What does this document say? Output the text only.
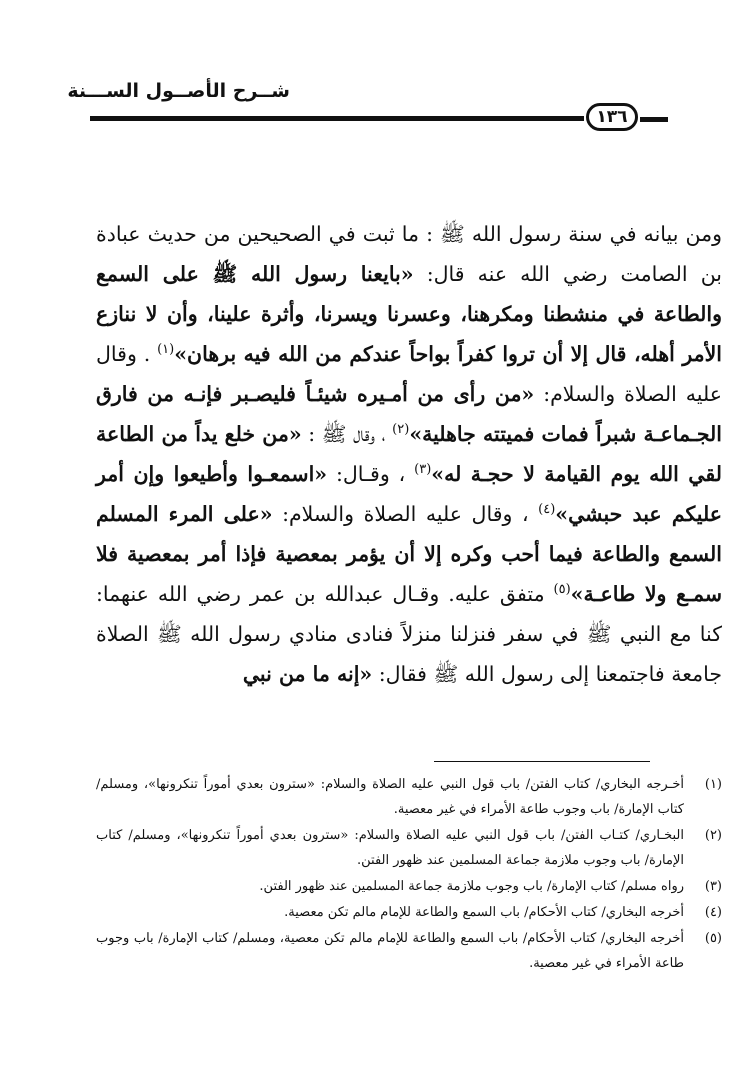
شــرح الأصــول الســـنة
١٣٦
ومن بيانه في سنة رسول الله ﷺ : ما ثبت في الصحيحين من حديث عبادة بن الصامت رضي الله عنه قال: «بايعنا رسول الله ﷺ على السمع والطاعة في منشطنا ومكرهنا، وعسرنا ويسرنا، وأثرة علينا، وأن لا ننازع الأمر أهله، قال إلا أن تروا كفراً بواحاً عندكم من الله فيه برهان»$^{(١)}$ . وقال عليه الصلاة والسلام: «من رأى من أمـيره شيئـاً فليصـبر فإنـه من فارق الجـماعـة شبراً فمات فميتته جاهلية»$^{(٢)}$ ، وقال ﷺ : «من خلع يداً من الطاعة لقي الله يوم القيامة لا حجـة له»$^{(٣)}$ ، وقـال: «اسمعـوا وأطيعوا وإن أمر عليكم عبد حبشي»$^{(٤)}$ ، وقال عليه الصلاة والسلام: «على المرء المسلم السمع والطاعة فيما أحب وكره إلا أن يؤمر بمعصية فإذا أمر بمعصية فلا سمـع ولا طاعـة»$^{(٥)}$ متفق عليه. وقـال عبدالله بن عمر رضي الله عنهما: كنا مع النبي ﷺ في سفر فنزلنا منزلاً فنادى منادي رسول الله ﷺ الصلاة جامعة فاجتمعنا إلى رسول الله ﷺ فقال: «إنه ما من نبي
(١)
أخـرجه البخاري/ كتاب الفتن/ باب قول النبي عليه الصلاة والسلام: «سترون بعدي أموراً تنكرونها»، ومسلم/ كتاب الإمارة/ باب وجوب طاعة الأمراء في غير معصية.
(٢)
البخـاري/ كتـاب الفتن/ باب قول النبي عليه الصلاة والسلام: «سترون بعدي أموراً تنكرونها»، ومسلم/ كتاب الإمارة/ باب وجوب ملازمة جماعة المسلمين عند ظهور الفتن.
(٣)
رواه مسلم/ كتاب الإمارة/ باب وجوب ملازمة جماعة المسلمين عند ظهور الفتن.
(٤)
أخرجه البخاري/ كتاب الأحكام/ باب السمع والطاعة للإمام مالم تكن معصية.
(٥)
أخرجه البخاري/ كتاب الأحكام/ باب السمع والطاعة للإمام مالم تكن معصية، ومسلم/ كتاب الإمارة/ باب وجوب طاعة الأمراء في غير معصية.
